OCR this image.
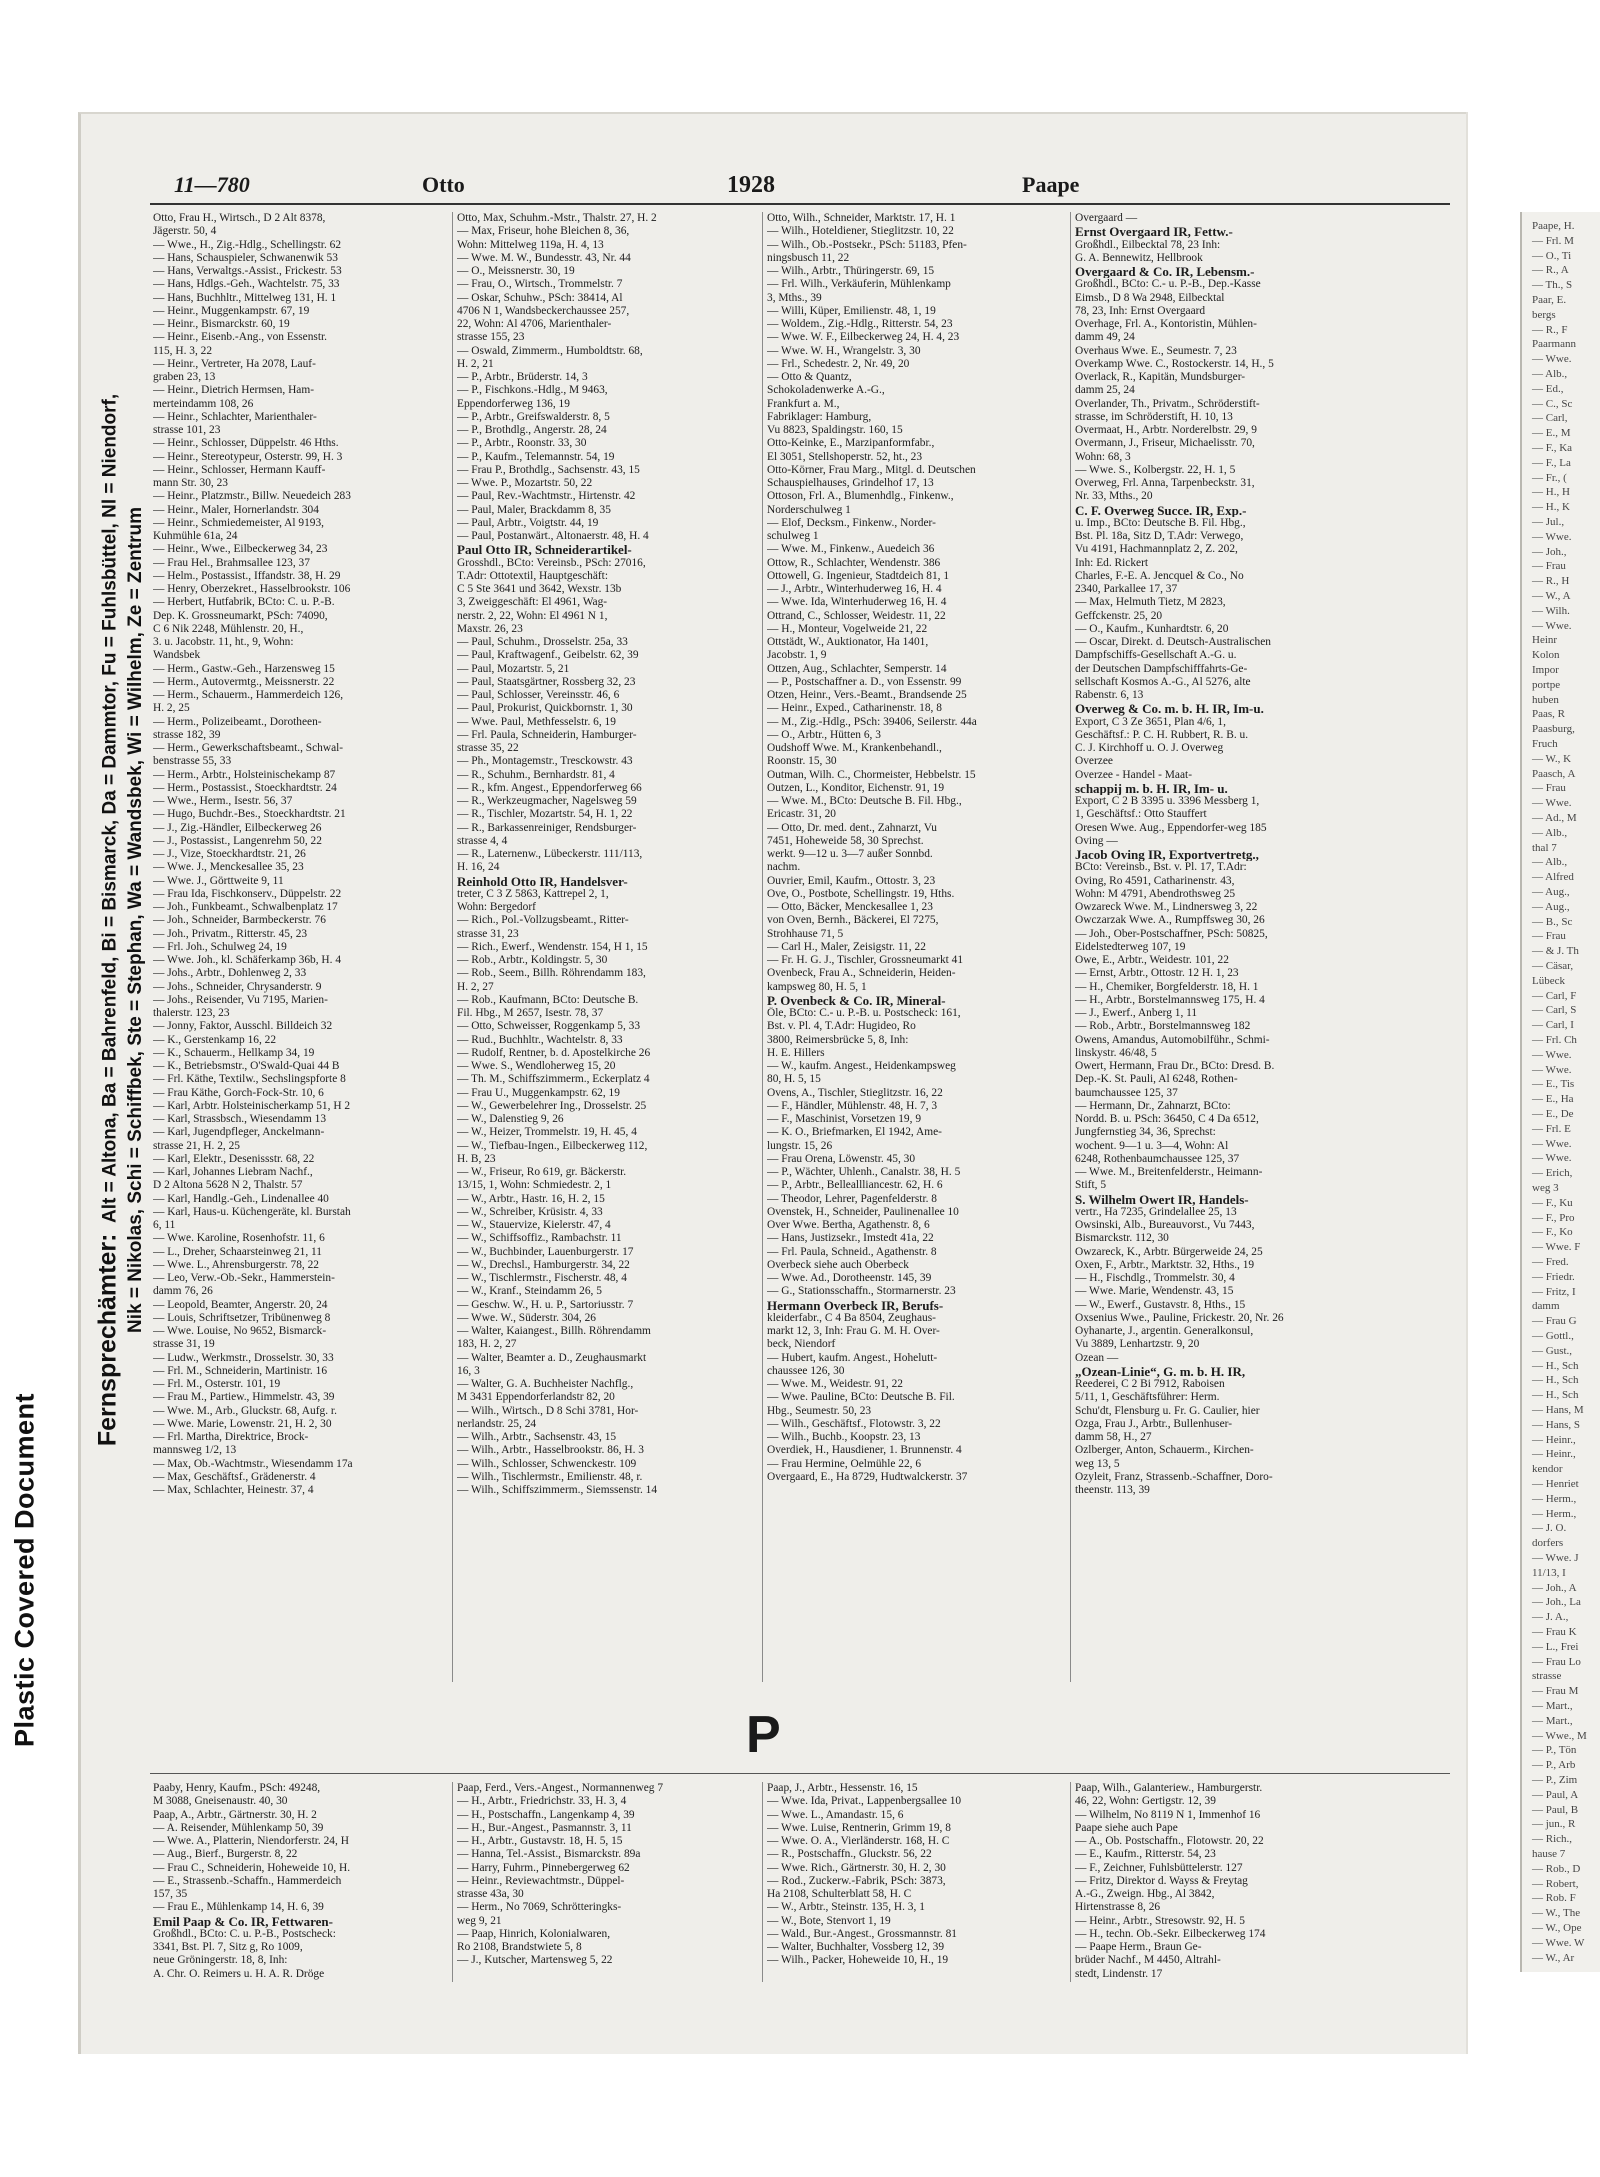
Plastic Covered Document
Paape, H.
— Frl. M
— O., Ti
— R., A
— Th., S
Paar, E.
bergs
— R., F
Paarmann
— Wwe.
— Alb.,
— Ed.,
— C., Sc
— Carl,
— E., M
— F., Ka
— F., La
— Fr., (
— H., H
— H., K
— Jul.,
— Wwe.
— Joh.,
— Frau
— R., H
— W., A
— Wilh.
— Wwe.
Heinr
Kolon
Impor
portpe
huben
Paas, R
Paasburg,
Fruch
— W., K
Paasch, A
— Frau
— Wwe.
— Ad., M
— Alb.,
thal 7
— Alb.,
— Alfred
— Aug.,
— Aug.,
— B., Sc
— Frau
— & J. Th
— Cäsar,
Lübeck
— Carl, F
— Carl, S
— Carl, I
— Frl. Ch
— Wwe.
— Wwe.
— E., Tis
— E., Ha
— E., De
— Frl. E
— Wwe.
— Wwe.
— Erich,
weg 3
— F., Ku
— F., Pro
— F., Ko
— Wwe. F
— Fred.
— Friedr.
— Fritz, I
damm
— Frau G
— Gottl.,
— Gust.,
— H., Sch
— H., Sch
— H., Sch
— Hans, M
— Hans, S
— Heinr.,
— Heinr.,
kendor
— Henriet
— Herm.,
— Herm.,
— J. O.
dorfers
— Wwe. J
11/13, I
— Joh., A
— Joh., La
— J. A.,
— Frau K
— L., Frei
— Frau Lo
strasse
— Frau M
— Mart.,
— Mart.,
— Wwe., M
— P., Tön
— P., Arb
— P., Zim
— Paul, A
— Paul, B
— jun., R
— Rich.,
hause 7
— Rob., D
— Robert,
— Rob. F
— W., The
— W., Ope
— Wwe. W
— W., Ar
Fernsprechämter:  Alt = Altona, Ba = Bahrenfeld, Bi = Bismarck, Da = Dammtor, Fu = Fuhlsbüttel, Nl = Niendorf, Nik = Nikolas, Schi = Schiffbek, Ste = Stephan, Wa = Wandsbek, Wi = Wilhelm, Ze = Zentrum
11—780	Otto	1928	Paape
Otto, Frau H., Wirtsch., D 2 Alt 8378,
Jägerstr. 50, 4
— Wwe., H., Zig.-Hdlg., Schellingstr. 62
— Hans, Schauspieler, Schwanenwik 53
— Hans, Verwaltgs.-Assist., Frickestr. 53
— Hans, Hdlgs.-Geh., Wachtelstr. 75, 33
— Hans, Buchhltr., Mittelweg 131, H. 1
— Heinr., Muggenkampstr. 67, 19
— Heinr., Bismarckstr. 60, 19
— Heinr., Eisenb.-Ang., von Essenstr.
115, H. 3, 22
— Heinr., Vertreter, Ha 2078, Lauf-
graben 23, 13
— Heinr., Dietrich Hermsen, Ham-
merteindamm 108, 26
— Heinr., Schlachter, Marienthaler-
strasse 101, 23
— Heinr., Schlosser, Düppelstr. 46 Hths.
— Heinr., Stereotypeur, Osterstr. 99, H. 3
— Heinr., Schlosser, Hermann Kauff-
mann Str. 30, 23
— Heinr., Platzmstr., Billw. Neuedeich 283
— Heinr., Maler, Hornerlandstr. 304
— Heinr., Schmiedemeister, Al 9193,
Kuhmühle 61a, 24
— Heinr., Wwe., Eilbeckerweg 34, 23
— Frau Hel., Brahmsallee 123, 37
— Helm., Postassist., Iffandstr. 38, H. 29
— Henry, Oberzekret., Hasselbrookstr. 106
— Herbert, Hutfabrik, BCto: C. u. P.-B.
Dep. K. Grossneumarkt, PSch: 74090,
C 6 Nik 2248, Mühlenstr. 20, H.,
3. u. Jacobstr. 11, ht., 9, Wohn:
Wandsbek
— Herm., Gastw.-Geh., Harzensweg 15
— Herm., Autovermtg., Meissnerstr. 22
— Herm., Schauerm., Hammerdeich 126,
H. 2, 25
— Herm., Polizeibeamt., Dorotheen-
strasse 182, 39
— Herm., Gewerkschaftsbeamt., Schwal-
benstrasse 55, 33
— Herm., Arbtr., Holsteinischekamp 87
— Herm., Postassist., Stoeckhardtstr. 24
— Wwe., Herm., Isestr. 56, 37
— Hugo, Buchdr.-Bes., Stoeckhardtstr. 21
— J., Zig.-Händler, Eilbeckerweg 26
— J., Postassist., Langenrehm 50, 22
— J., Vize, Stoeckhardtstr. 21, 26
— Wwe. J., Menckesallee 35, 23
— Wwe. J., Görttweite 9, 11
— Frau Ida, Fischkonserv., Düppelstr. 22
— Joh., Funkbeamt., Schwalbenplatz 17
— Joh., Schneider, Barmbeckerstr. 76
— Joh., Privatm., Ritterstr. 45, 23
— Frl. Joh., Schulweg 24, 19
— Wwe. Joh., kl. Schäferkamp 36b, H. 4
— Johs., Arbtr., Dohlenweg 2, 33
— Johs., Schneider, Chrysanderstr. 9
— Johs., Reisender, Vu 7195, Marien-
thalerstr. 123, 23
— Jonny, Faktor, Ausschl. Billdeich 32
— K., Gerstenkamp 16, 22
— K., Schauerm., Hellkamp 34, 19
— K., Betriebsmstr., O'Swald-Quai 44 B
— Frl. Käthe, Textilw., Sechslingspforte 8
— Frau Käthe, Gorch-Fock-Str. 10, 6
— Karl, Arbtr. Holsteinischerkamp 51, H 2
— Karl, Strassbsch., Wiesendamm 13
— Karl, Jugendpfleger, Anckelmann-
strasse 21, H. 2, 25
— Karl, Elektr., Desenissstr. 68, 22
— Karl, Johannes Liebram Nachf.,
D 2 Altona 5628 N 2, Thalstr. 57
— Karl, Handlg.-Geh., Lindenallee 40
— Karl, Haus-u. Küchengeräte, kl. Burstah
6, 11
— Wwe. Karoline, Rosenhofstr. 11, 6
— L., Dreher, Schaarsteinweg 21, 11
— Wwe. L., Ahrensburgerstr. 78, 22
— Leo, Verw.-Ob.-Sekr., Hammerstein-
damm 76, 26
— Leopold, Beamter, Angerstr. 20, 24
— Louis, Schriftsetzer, Tribünenweg 8
— Wwe. Louise, No 9652, Bismarck-
strasse 31, 19
— Ludw., Werkmstr., Drosselstr. 30, 33
— Frl. M., Schneiderin, Martinistr. 16
— Frl. M., Osterstr. 101, 19
— Frau M., Partiew., Himmelstr. 43, 39
— Wwe. M., Arb., Gluckstr. 68, Aufg. r.
— Wwe. Marie, Lowenstr. 21, H. 2, 30
— Frl. Martha, Direktrice, Brock-
mannsweg 1/2, 13
— Max, Ob.-Wachtmstr., Wiesendamm 17a
— Max, Geschäftsf., Grädenerstr. 4
— Max, Schlachter, Heinestr. 37, 4
Otto, Max, Schuhm.-Mstr., Thalstr. 27, H. 2
— Max, Friseur, hohe Bleichen 8, 36,
Wohn: Mittelweg 119a, H. 4, 13
— Wwe. M. W., Bundesstr. 43, Nr. 44
— O., Meissnerstr. 30, 19
— Frau, O., Wirtsch., Trommelstr. 7
— Oskar, Schuhw., PSch: 38414, Al
4706 N 1, Wandsbeckerchaussee 257,
22, Wohn: Al 4706, Marienthaler-
strasse 155, 23
— Oswald, Zimmerm., Humboldtstr. 68,
H. 2, 21
— P., Arbtr., Brüderstr. 14, 3
— P., Fischkons.-Hdlg., M 9463,
Eppendorferweg 136, 19
— P., Arbtr., Greifswalderstr. 8, 5
— P., Brothdlg., Angerstr. 28, 24
— P., Arbtr., Roonstr. 33, 30
— P., Kaufm., Telemannstr. 54, 19
— Frau P., Brothdlg., Sachsenstr. 43, 15
— Wwe. P., Mozartstr. 50, 22
— Paul, Rev.-Wachtmstr., Hirtenstr. 42
— Paul, Maler, Brackdamm 8, 35
— Paul, Arbtr., Voigtstr. 44, 19
— Paul, Postanwärt., Altonaerstr. 48, H. 4
Paul Otto IR, Schneiderartikel-
Grosshdl., BCto: Vereinsb., PSch: 27016,
T.Adr: Ottotextil, Hauptgeschäft:
C 5 Ste 3641 und 3642, Wexstr. 13b
3, Zweiggeschäft: El 4961, Wag-
nerstr. 2, 22, Wohn: El 4961 N 1,
Maxstr. 26, 23
— Paul, Schuhm., Drosselstr. 25a, 33
— Paul, Kraftwagenf., Geibelstr. 62, 39
— Paul, Mozartstr. 5, 21
— Paul, Staatsgärtner, Rossberg 32, 23
— Paul, Schlosser, Vereinsstr. 46, 6
— Paul, Prokurist, Quickbornstr. 1, 30
— Wwe. Paul, Methfesselstr. 6, 19
— Frl. Paula, Schneiderin, Hamburger-
strasse 35, 22
— Ph., Montagemstr., Tresckowstr. 43
— R., Schuhm., Bernhardstr. 81, 4
— R., kfm. Angest., Eppendorferweg 66
— R., Werkzeugmacher, Nagelsweg 59
— R., Tischler, Mozartstr. 54, H. 1, 22
— R., Barkassenreiniger, Rendsburger-
strasse 4, 4
— R., Laternenw., Lübeckerstr. 111/113,
H. 16, 24
Reinhold Otto IR, Handelsver-
treter, C 3 Z 5863, Kattrepel 2, 1,
Wohn: Bergedorf
— Rich., Pol.-Vollzugsbeamt., Ritter-
strasse 31, 23
— Rich., Ewerf., Wendenstr. 154, H 1, 15
— Rob., Arbtr., Koldingstr. 5, 30
— Rob., Seem., Billh. Röhrendamm 183,
H. 2, 27
— Rob., Kaufmann, BCto: Deutsche B.
Fil. Hbg., M 2657, Isestr. 78, 37
— Otto, Schweisser, Roggenkamp 5, 33
— Rud., Buchhltr., Wachtelstr. 8, 33
— Rudolf, Rentner, b. d. Apostelkirche 26
— Wwe. S., Wendloherweg 15, 20
— Th. M., Schiffszimmerm., Eckerplatz 4
— Frau U., Muggenkampstr. 62, 19
— W., Gewerbelehrer Ing., Drosselstr. 25
— W., Dalenstieg 9, 26
— W., Heizer, Trommelstr. 19, H. 45, 4
— W., Tiefbau-Ingen., Eilbeckerweg 112,
H. B, 23
— W., Friseur, Ro 619, gr. Bäckerstr.
13/15, 1, Wohn: Schmiedestr. 2, 1
— W., Arbtr., Hastr. 16, H. 2, 15
— W., Schreiber, Krüsistr. 4, 33
— W., Stauervize, Kielerstr. 47, 4
— W., Schiffsoffiz., Rambachstr. 11
— W., Buchbinder, Lauenburgerstr. 17
— W., Drechsl., Hamburgerstr. 34, 22
— W., Tischlermstr., Fischerstr. 48, 4
— W., Kranf., Steindamm 26, 5
— Geschw. W., H. u. P., Sartoriusstr. 7
— Wwe. W., Süderstr. 304, 26
— Walter, Kaiangest., Billh. Röhrendamm
183, H. 2, 27
— Walter, Beamter a. D., Zeughausmarkt
16, 3
— Walter, G. A. Buchheister Nachflg.,
M 3431 Eppendorferlandstr 82, 20
— Wilh., Wirtsch., D 8 Schi 3781, Hor-
nerlandstr. 25, 24
— Wilh., Arbtr., Sachsenstr. 43, 15
— Wilh., Arbtr., Hasselbrookstr. 86, H. 3
— Wilh., Schlosser, Schwenckestr. 109
— Wilh., Tischlermstr., Emilienstr. 48, r.
— Wilh., Schiffszimmerm., Siemssenstr. 14
Otto, Wilh., Schneider, Marktstr. 17, H. 1
— Wilh., Hoteldiener, Stieglitzstr. 10, 22
— Wilh., Ob.-Postsekr., PSch: 51183, Pfen-
ningsbusch 11, 22
— Wilh., Arbtr., Thüringerstr. 69, 15
— Frl. Wilh., Verkäuferin, Mühlenkamp
3, Mths., 39
— Willi, Küper, Emilienstr. 48, 1, 19
— Woldem., Zig.-Hdlg., Ritterstr. 54, 23
— Wwe. W. F., Eilbeckerweg 24, H. 4, 23
— Wwe. W. H., Wrangelstr. 3, 30
— Frl., Schedestr. 2, Nr. 49, 20
— Otto & Quantz,
Schokoladenwerke A.-G.,
Frankfurt a. M.,
Fabriklager: Hamburg,
Vu 8823, Spaldingstr. 160, 15
Otto-Keinke, E., Marzipanformfabr.,
El 3051, Stellshoperstr. 52, ht., 23
Otto-Körner, Frau Marg., Mitgl. d. Deutschen
Schauspielhauses, Grindelhof 17, 13
Ottoson, Frl. A., Blumenhdlg., Finkenw.,
Norderschulweg 1
— Elof, Decksm., Finkenw., Norder-
schulweg 1
— Wwe. M., Finkenw., Auedeich 36
Ottow, R., Schlachter, Wendenstr. 386
Ottowell, G. Ingenieur, Stadtdeich 81, 1
— J., Arbtr., Winterhuderweg 16, H. 4
— Wwe. Ida, Winterhuderweg 16, H. 4
Ottrand, C., Schlosser, Weidestr. 11, 22
— H., Monteur, Vogelweide 21, 22
Ottstädt, W., Auktionator, Ha 1401,
Jacobstr. 1, 9
Ottzen, Aug., Schlachter, Semperstr. 14
— P., Postschaffner a. D., von Essenstr. 99
Otzen, Heinr., Vers.-Beamt., Brandsende 25
— Heinr., Exped., Catharinenstr. 18, 8
— M., Zig.-Hdlg., PSch: 39406, Seilerstr. 44a
— O., Arbtr., Hütten 6, 3
Oudshoff Wwe. M., Krankenbehandl.,
Roonstr. 15, 30
Outman, Wilh. C., Chormeister, Hebbelstr. 15
Outzen, L., Konditor, Eichenstr. 91, 19
— Wwe. M., BCto: Deutsche B. Fil. Hbg.,
Ericastr. 31, 20
— Otto, Dr. med. dent., Zahnarzt, Vu
7451, Hoheweide 58, 30 Sprechst.
werkt. 9—12 u. 3—7 außer Sonnbd.
nachm.
Ouvrier, Emil, Kaufm., Ottostr. 3, 23
Ove, O., Postbote, Schellingstr. 19, Hths.
— Otto, Bäcker, Menckesallee 1, 23
von Oven, Bernh., Bäckerei, El 7275,
Strohhause 71, 5
— Carl H., Maler, Zeisigstr. 11, 22
— Fr. H. G. J., Tischler, Grossneumarkt 41
Ovenbeck, Frau A., Schneiderin, Heiden-
kampsweg 80, H. 5, 1
P. Ovenbeck & Co. IR, Mineral-
Öle, BCto: C.- u. P.-B. u. Postscheck: 161,
Bst. v. Pl. 4, T.Adr: Hugideo, Ro
3800, Reimersbrücke 5, 8, Inh:
H. E. Hillers
— W., kaufm. Angest., Heidenkampsweg
80, H. 5, 15
Ovens, A., Tischler, Stieglitzstr. 16, 22
— F., Händler, Mühlenstr. 48, H. 7, 3
— F., Maschinist, Vorsetzen 19, 9
— K. O., Briefmarken, El 1942, Ame-
lungstr. 15, 26
— Frau Orena, Löwenstr. 45, 30
— P., Wächter, Uhlenh., Canalstr. 38, H. 5
— P., Arbtr., Belleallliancestr. 62, H. 6
— Theodor, Lehrer, Pagenfelderstr. 8
Ovenstek, H., Schneider, Paulinenallee 10
Over Wwe. Bertha, Agathenstr. 8, 6
— Hans, Justizsekr., Imstedt 41a, 22
— Frl. Paula, Schneid., Agathenstr. 8
Overbeck siehe auch Oberbeck
— Wwe. Ad., Dorotheenstr. 145, 39
— G., Stationsschaffn., Stormarnerstr. 23
Hermann Overbeck IR, Berufs-
kleiderfabr., C 4 Ba 8504, Zeughaus-
markt 12, 3, Inh: Frau G. M. H. Over-
beck, Niendorf
— Hubert, kaufm. Angest., Hohelutt-
chaussee 126, 30
— Wwe. M., Weidestr. 91, 22
— Wwe. Pauline, BCto: Deutsche B. Fil.
Hbg., Seumestr. 50, 23
— Wilh., Geschäftsf., Flotowstr. 3, 22
— Wilh., Buchb., Koopstr. 23, 13
Overdiek, H., Hausdiener, 1. Brunnenstr. 4
— Frau Hermine, Oelmühle 22, 6
Overgaard, E., Ha 8729, Hudtwalckerstr. 37
Overgaard —
Ernst Overgaard IR, Fettw.-
Großhdl., Eilbecktal 78, 23 Inh:
G. A. Bennewitz, Hellbrook
Overgaard & Co. IR, Lebensm.-
Großhdl., BCto: C.- u. P.-B., Dep.-Kasse
Eimsb., D 8 Wa 2948, Eilbecktal
78, 23, Inh: Ernst Overgaard
Overhage, Frl. A., Kontoristin, Mühlen-
damm 49, 24
Overhaus Wwe. E., Seumestr. 7, 23
Overkamp Wwe. C., Rostockerstr. 14, H., 5
Overlack, R., Kapitän, Mundsburger-
damm 25, 24
Overlander, Th., Privatm., Schröderstift-
strasse, im Schröderstift, H. 10, 13
Overmaat, H., Arbtr. Norderelbstr. 29, 9
Overmann, J., Friseur, Michaelisstr. 70,
Wohn: 68, 3
— Wwe. S., Kolbergstr. 22, H. 1, 5
Overweg, Frl. Anna, Tarpenbeckstr. 31,
Nr. 33, Mths., 20
C. F. Overweg Succe. IR, Exp.-
u. Imp., BCto: Deutsche B. Fil. Hbg.,
Bst. Pl. 18a, Sitz D, T.Adr: Verwego,
Vu 4191, Hachmannplatz 2, Z. 202,
Inh: Ed. Rickert
Charles, F.-E. A. Jencquel & Co., No
2340, Parkallee 17, 37
— Max, Helmuth Tietz, M 2823,
Geffckenstr. 25, 20
— O., Kaufm., Kunhardtstr. 6, 20
— Oscar, Direkt. d. Deutsch-Australischen
Dampfschiffs-Gesellschaft A.-G. u.
der Deutschen Dampfschifffahrts-Ge-
sellschaft Kosmos A.-G., Al 5276, alte
Rabenstr. 6, 13
Overweg & Co. m. b. H. IR, Im-u.
Export, C 3 Ze 3651, Plan 4/6, 1,
Geschäftsf.: P. C. H. Rubbert, R. B. u.
C. J. Kirchhoff u. O. J. Overweg
Overzee
Overzee - Handel - Maat-
schappij m. b. H. IR, Im- u.
Export, C 2 B 3395 u. 3396 Messberg 1,
1, Geschäftsf.: Otto Stauffert
Oresen Wwe. Aug., Eppendorfer-weg 185
Oving —
Jacob Oving IR, Exportvertretg.,
BCto: Vereinsb., Bst. v. Pl. 17, T.Adr:
Oving, Ro 4591, Catharinenstr. 43,
Wohn: M 4791, Abendrothsweg 25
Owzareck Wwe. M., Lindnersweg 3, 22
Owczarzak Wwe. A., Rumpffsweg 30, 26
— Joh., Ober-Postschaffner, PSch: 50825,
Eidelstedterweg 107, 19
Owe, E., Arbtr., Weidestr. 101, 22
— Ernst, Arbtr., Ottostr. 12 H. 1, 23
— H., Chemiker, Borgfelderstr. 18, H. 1
— H., Arbtr., Borstelmannsweg 175, H. 4
— J., Ewerf., Anberg 1, 11
— Rob., Arbtr., Borstelmannsweg 182
Owens, Amandus, Automobilführ., Schmi-
linskystr. 46/48, 5
Owert, Hermann, Frau Dr., BCto: Dresd. B.
Dep.-K. St. Pauli, Al 6248, Rothen-
baumchaussee 125, 37
— Hermann, Dr., Zahnarzt, BCto:
Nordd. B. u. PSch: 36450, C 4 Da 6512,
Jungfernstieg 34, 36, Sprechst:
wochent. 9—1 u. 3—4, Wohn: Al
6248, Rothenbaumchaussee 125, 37
— Wwe. M., Breitenfelderstr., Heimann-
Stift, 5
S. Wilhelm Owert IR, Handels-
vertr., Ha 7235, Grindelallee 25, 13
Owsinski, Alb., Bureauvorst., Vu 7443,
Bismarckstr. 112, 30
Owzareck, K., Arbtr. Bürgerweide 24, 25
Oxen, F., Arbtr., Marktstr. 32, Hths., 19
— H., Fischdlg., Trommelstr. 30, 4
— Wwe. Marie, Wendenstr. 43, 15
— W., Ewerf., Gustavstr. 8, Hths., 15
Oxsenius Wwe., Pauline, Frickestr. 20, Nr. 26
Oyhanarte, J., argentin. Generalkonsul,
Vu 3889, Lenhartzstr. 9, 20
Ozean —
„Ozean-Linie“, G. m. b. H. IR,
Reederei, C 2 Bi 7912, Raboisen
5/11, 1, Geschäftsführer: Herm.
Schu'dt, Flensburg u. Fr. G. Caulier, hier
Ozga, Frau J., Arbtr., Bullenhuser-
damm 58, H., 27
Ozlberger, Anton, Schauerm., Kirchen-
weg 13, 5
Ozyleit, Franz, Strassenb.-Schaffner, Doro-
theenstr. 113, 39
P
Paaby, Henry, Kaufm., PSch: 49248,
M 3088, Gneisenaustr. 40, 30
Paap, A., Arbtr., Gärtnerstr. 30, H. 2
— A. Reisender, Mühlenkamp 50, 39
— Wwe. A., Platterin, Niendorferstr. 24, H
— Aug., Bierf., Burgerstr. 8, 22
— Frau C., Schneiderin, Hoheweide 10, H.
— E., Strassenb.-Schaffn., Hammerdeich
157, 35
— Frau E., Mühlenkamp 14, H. 6, 39
Emil Paap & Co. IR, Fettwaren-
Großhdl., BCto: C. u. P.-B., Postscheck:
3341, Bst. Pl. 7, Sitz g, Ro 1009,
neue Gröningerstr. 18, 8, Inh:
A. Chr. O. Reimers u. H. A. R. Dröge
Paap, Ferd., Vers.-Angest., Normannenweg 7
— H., Arbtr., Friedrichstr. 33, H. 3, 4
— H., Postschaffn., Langenkamp 4, 39
— H., Bur.-Angest., Pasmannstr. 3, 11
— H., Arbtr., Gustavstr. 18, H. 5, 15
— Hanna, Tel.-Assist., Bismarckstr. 89a
— Harry, Fuhrm., Pinnebergerweg 62
— Heinr., Reviewachtmstr., Düppel-
strasse 43a, 30
— Herm., No 7069, Schrötteringks-
weg 9, 21
— Paap, Hinrich, Kolonialwaren,
Ro 2108, Brandstwiete 5, 8
— J., Kutscher, Martensweg 5, 22
Paap, J., Arbtr., Hessenstr. 16, 15
— Wwe. Ida, Privat., Lappenbergsallee 10
— Wwe. L., Amandastr. 15, 6
— Wwe. Luise, Rentnerin, Grimm 19, 8
— Wwe. O. A., Vierländerstr. 168, H. C
— R., Postschaffn., Gluckstr. 56, 22
— Wwe. Rich., Gärtnerstr. 30, H. 2, 30
— Rod., Zuckerw.-Fabrik, PSch: 3873,
Ha 2108, Schulterblatt 58, H. C
— W., Arbtr., Steinstr. 135, H. 3, 1
— W., Bote, Stenvort 1, 19
— Wald., Bur.-Angest., Grossmannstr. 81
— Walter, Buchhalter, Vossberg 12, 39
— Wilh., Packer, Hoheweide 10, H., 19
Paap, Wilh., Galanteriew., Hamburgerstr.
46, 22, Wohn: Gertigstr. 12, 39
— Wilhelm, No 8119 N 1, Immenhof 16
Paape siehe auch Pape
— A., Ob. Postschaffn., Flotowstr. 20, 22
— E., Kaufm., Ritterstr. 54, 23
— F., Zeichner, Fuhlsbüttelerstr. 127
— Fritz, Direktor d. Wayss & Freytag
A.-G., Zweign. Hbg., Al 3842,
Hirtenstrasse 8, 26
— Heinr., Arbtr., Stresowstr. 92, H. 5
— H., techn. Ob.-Sekr. Eilbeckerweg 174
— Paape Herm., Braun Ge-
brüder Nachf., M 4450, Altrahl-
stedt, Lindenstr. 17
